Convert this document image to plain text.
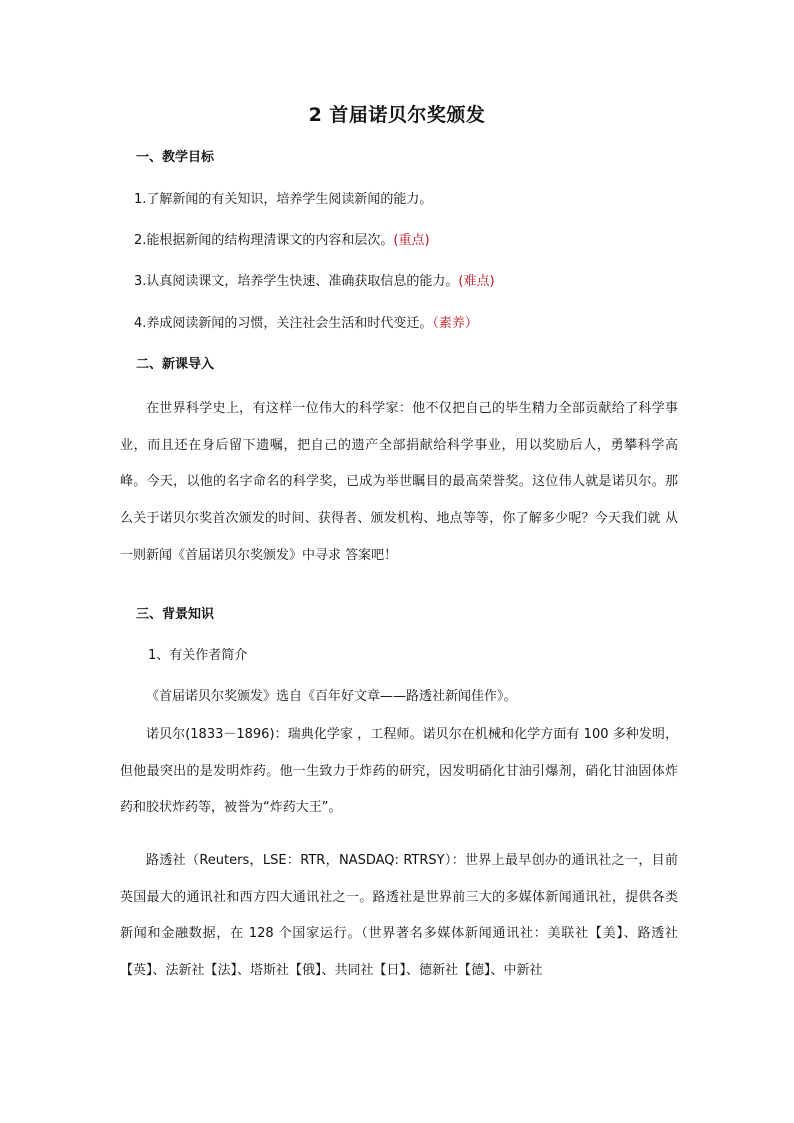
2 首届诺贝尔奖颁发
一、教学目标
1.了解新闻的有关知识，培养学生阅读新闻的能力。
2.能根据新闻的结构理清课文的内容和层次。(重点)
3.认真阅读课文，培养学生快速、准确获取信息的能力。(难点)
4.养成阅读新闻的习惯，关注社会生活和时代变迁。（素养）
二、新课导入

在世界科学史上，有这样一位伟大的科学家：他不仅把自己的毕生精力全部贡献给了科学事业，而且还在身后留下遗嘱，把自己的遗产全部捐献给科学事业，用以奖励后人，勇攀科学高峰。今天，以他的名字命名的科学奖，已成为举世瞩目的最高荣誉奖。这位伟人就是诺贝尔。那么关于诺贝尔奖首次颁发的时间、获得者、颁发机构、地点等等，你了解多少呢？今天我们就 从一则新闻《首届诺贝尔奖颁发》中寻求 答案吧！

三、背景知识
1、有关作者简介
《首届诺贝尔奖颁发》选自《百年好文章——路透社新闻佳作》。

诺贝尔(1833－1896)：瑞典化学家 ，工程师。诺贝尔在机械和化学方面有 100 多种发明，但他最突出的是发明炸药。他一生致力于炸药的研究，因发明硝化甘油引爆剂，硝化甘油固体炸药和胶状炸药等，被誉为“炸药大王”。

路透社（Reuters，LSE：RTR，NASDAQ: RTRSY）：世界上最早创办的通讯社之一，目前英国最大的通讯社和西方四大通讯社之一。路透社是世界前三大的多媒体新闻通讯社，提供各类新闻和金融数据，在 128 个国家运行。（世界著名多媒体新闻通讯社：美联社【美】、路透社【英】、法新社【法】、塔斯社【俄】、共同社【日】、德新社【德】、中新社
